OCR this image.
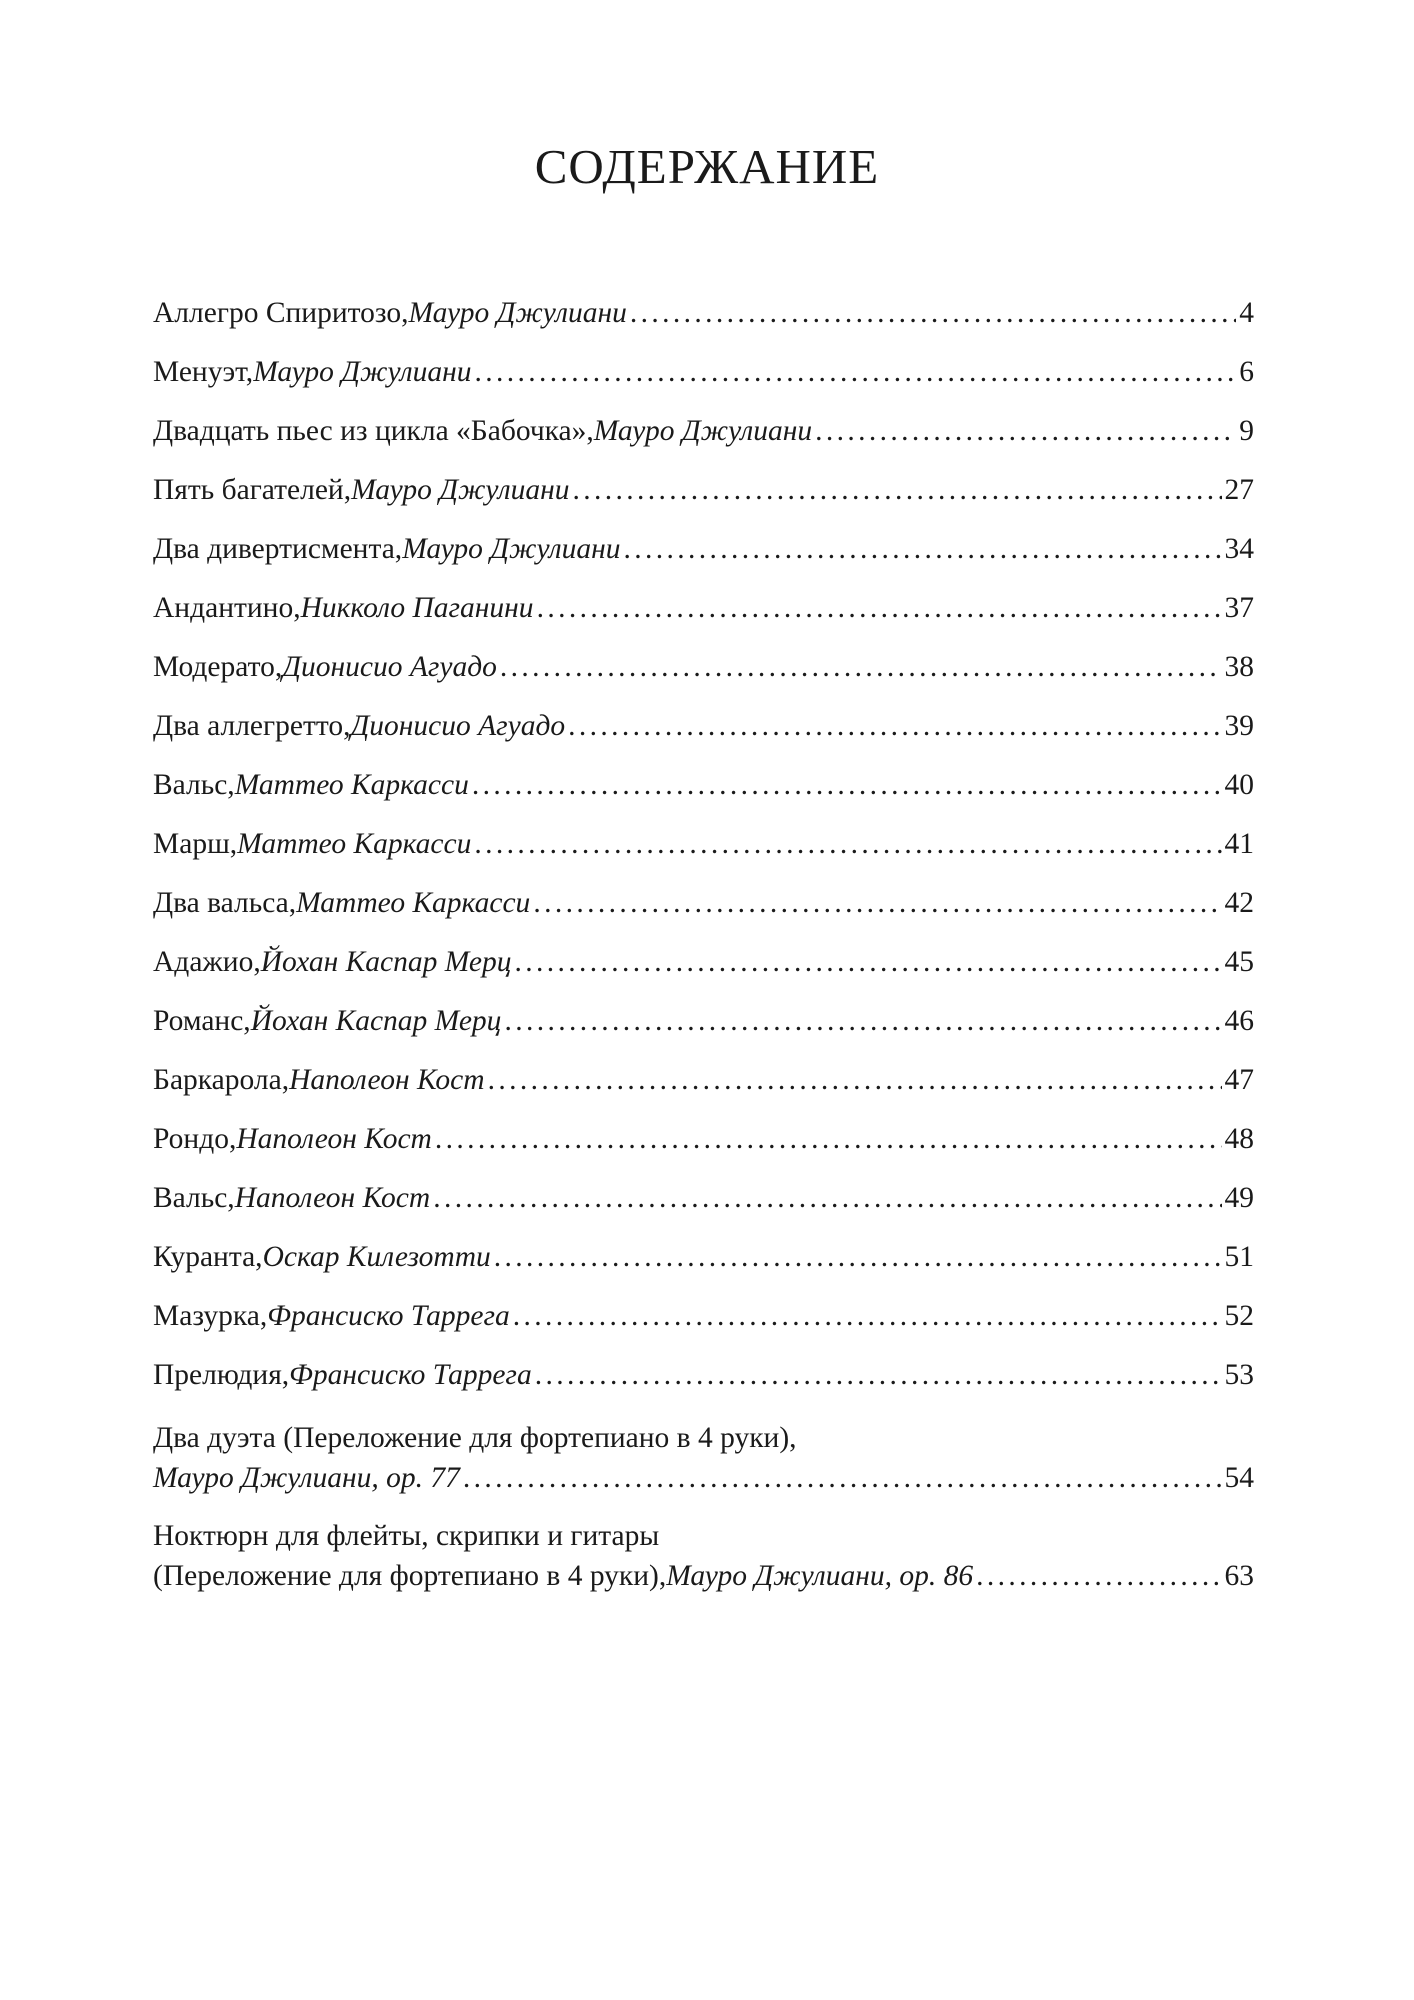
СОДЕРЖАНИЕ
Аллегро Спиритозо, Мауро Джулиани . . .	4
Менуэт, Мауро Джулиани . . .	6
Двадцать пьес из цикла «Бабочка», Мауро Джулиани . . .	9
Пять багателей, Мауро Джулиани . . .	27
Два дивертисмента, Мауро Джулиани . . .	34
Андантино, Никколо Паганини . . .	37
Модерато, Дионисио Агуадо . . .	38
Два аллегретто, Дионисио Агуадо . . .	39
Вальс, Маттео Каркасси . . .	40
Марш, Маттео Каркасси . . .	41
Два вальса, Маттео Каркасси . . .	42
Адажио, Йохан Каспар Мерц . . .	45
Романс, Йохан Каспар Мерц . . .	46
Баркарола, Наполеон Кост . . .	47
Рондо, Наполеон Кост . . .	48
Вальс, Наполеон Кост . . .	49
Куранта, Оскар Килезотти . . .	51
Мазурка, Франсиско Таррега . . .	52
Прелюдия, Франсиско Таррега . . .	53
Два дуэта (Переложение для фортепиано в 4 руки),
Мауро Джулиани, ор. 77 . . .	54
Ноктюрн для флейты, скрипки и гитары
(Переложение для фортепиано в 4 руки), Мауро Джулиани, ор. 86 . . .	63
